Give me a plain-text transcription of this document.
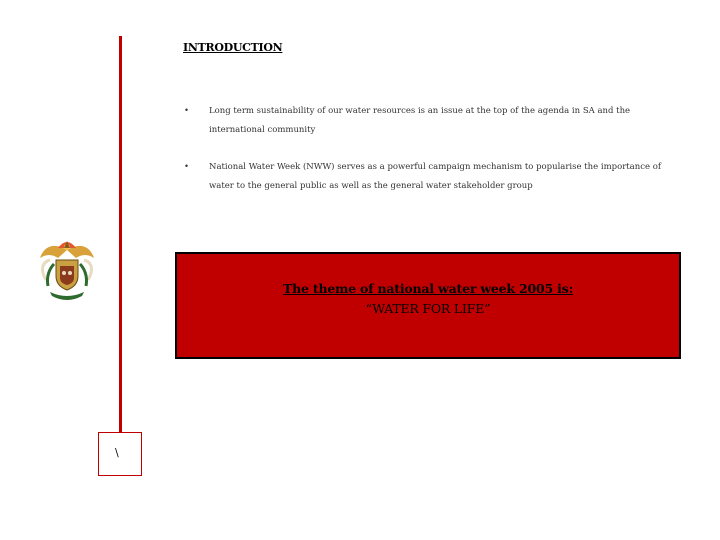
\
INTRODUCTION
• Long term sustainability of our water resources is an issue at the top of the agenda in SA and the international community
• National Water Week (NWW) serves as a powerful campaign mechanism to popularise the importance of water to the general public as well as the general water stakeholder group
The theme of national water week 2005 is:
“WATER FOR LIFE”
